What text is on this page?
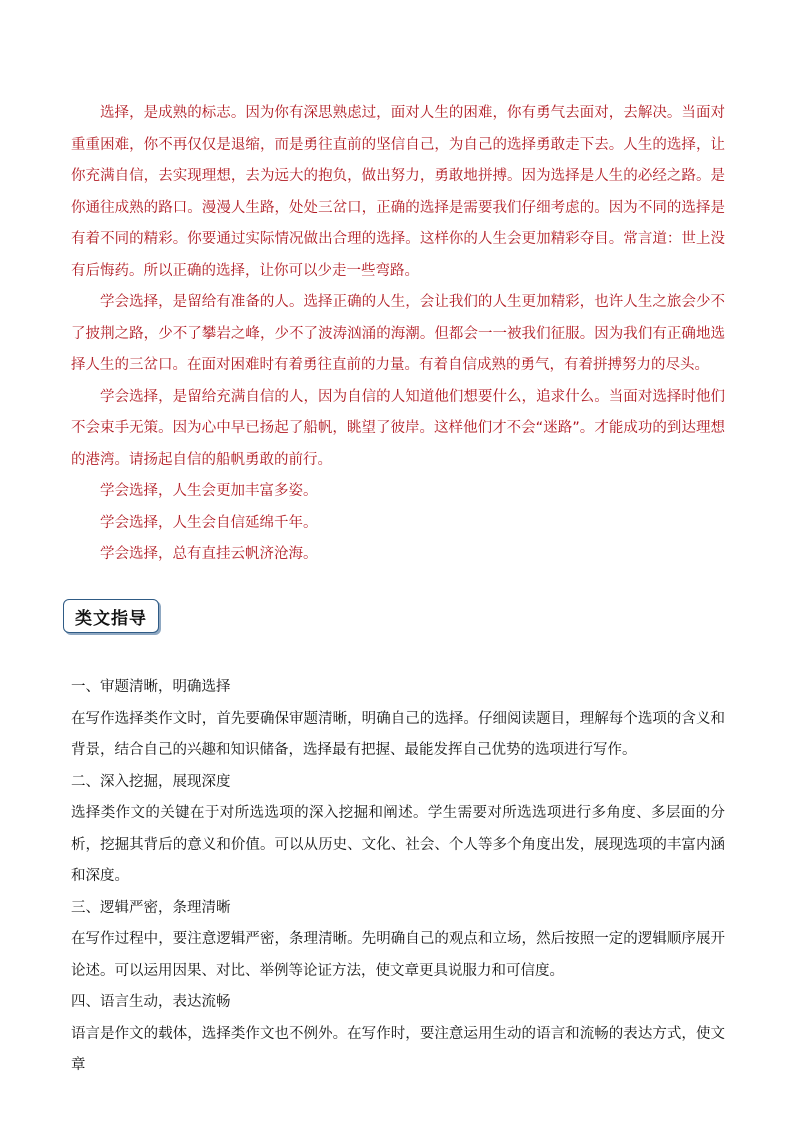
选择，是成熟的标志。因为你有深思熟虑过，面对人生的困难，你有勇气去面对，去解决。当面对重重困难，你不再仅仅是退缩，而是勇往直前的坚信自己，为自己的选择勇敢走下去。人生的选择，让你充满自信，去实现理想，去为远大的抱负，做出努力，勇敢地拼搏。因为选择是人生的必经之路。是你通往成熟的路口。漫漫人生路，处处三岔口，正确的选择是需要我们仔细考虑的。因为不同的选择是有着不同的精彩。你要通过实际情况做出合理的选择。这样你的人生会更加精彩夺目。常言道：世上没有后悔药。所以正确的选择，让你可以少走一些弯路。

学会选择，是留给有准备的人。选择正确的人生，会让我们的人生更加精彩，也许人生之旅会少不了披荆之路，少不了攀岩之峰，少不了波涛汹涌的海潮。但都会一一被我们征服。因为我们有正确地选择人生的三岔口。在面对困难时有着勇往直前的力量。有着自信成熟的勇气，有着拼搏努力的尽头。

学会选择，是留给充满自信的人，因为自信的人知道他们想要什么，追求什么。当面对选择时他们不会束手无策。因为心中早已扬起了船帆，眺望了彼岸。这样他们才不会“迷路”。才能成功的到达理想的港湾。请扬起自信的船帆勇敢的前行。

学会选择，人生会更加丰富多姿。

学会选择，人生会自信延绵千年。

学会选择，总有直挂云帆济沧海。

类文指导

一、审题清晰，明确选择

在写作选择类作文时，首先要确保审题清晰，明确自己的选择。仔细阅读题目，理解每个选项的含义和背景，结合自己的兴趣和知识储备，选择最有把握、最能发挥自己优势的选项进行写作。

二、深入挖掘，展现深度

选择类作文的关键在于对所选选项的深入挖掘和阐述。学生需要对所选选项进行多角度、多层面的分析，挖掘其背后的意义和价值。可以从历史、文化、社会、个人等多个角度出发，展现选项的丰富内涵和深度。

三、逻辑严密，条理清晰

在写作过程中，要注意逻辑严密，条理清晰。先明确自己的观点和立场，然后按照一定的逻辑顺序展开论述。可以运用因果、对比、举例等论证方法，使文章更具说服力和可信度。

四、语言生动，表达流畅

语言是作文的载体，选择类作文也不例外。在写作时，要注意运用生动的语言和流畅的表达方式，使文章
